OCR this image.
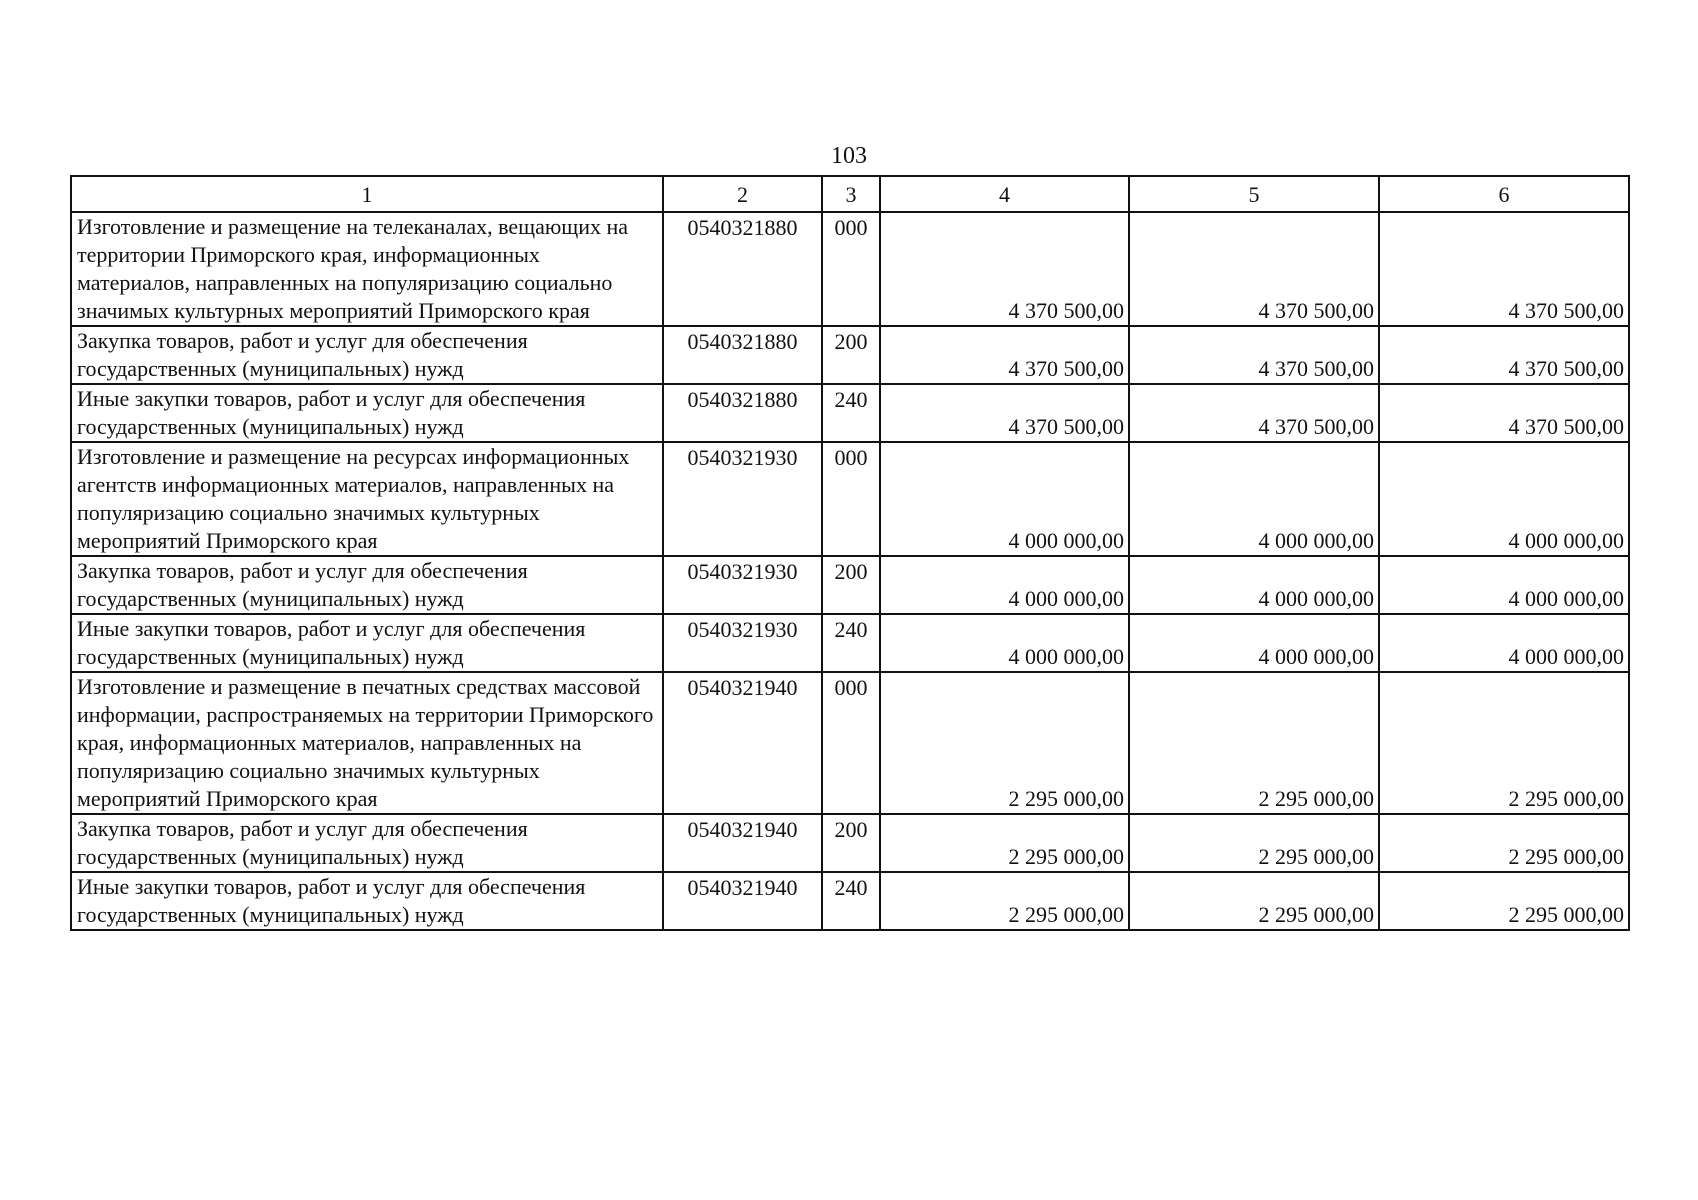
103
1	2	3	4	5	6
Изготовление и размещение на телеканалах, вещающих на территории Приморского края, информационных материалов, направленных на популяризацию социально значимых культурных мероприятий Приморского края	0540321880	000	4 370 500,00	4 370 500,00	4 370 500,00
Закупка товаров, работ и услуг для обеспечения государственных (муниципальных) нужд	0540321880	200	4 370 500,00	4 370 500,00	4 370 500,00
Иные закупки товаров, работ и услуг для обеспечения государственных (муниципальных) нужд	0540321880	240	4 370 500,00	4 370 500,00	4 370 500,00
Изготовление и размещение на ресурсах информационных агентств информационных материалов, направленных на популяризацию социально значимых культурных мероприятий Приморского края	0540321930	000	4 000 000,00	4 000 000,00	4 000 000,00
Закупка товаров, работ и услуг для обеспечения государственных (муниципальных) нужд	0540321930	200	4 000 000,00	4 000 000,00	4 000 000,00
Иные закупки товаров, работ и услуг для обеспечения государственных (муниципальных) нужд	0540321930	240	4 000 000,00	4 000 000,00	4 000 000,00
Изготовление и размещение в печатных средствах массовой информации, распространяемых на территории Приморского края, информационных материалов, направленных на популяризацию социально значимых культурных мероприятий Приморского края	0540321940	000	2 295 000,00	2 295 000,00	2 295 000,00
Закупка товаров, работ и услуг для обеспечения государственных (муниципальных) нужд	0540321940	200	2 295 000,00	2 295 000,00	2 295 000,00
Иные закупки товаров, работ и услуг для обеспечения государственных (муниципальных) нужд	0540321940	240	2 295 000,00	2 295 000,00	2 295 000,00
